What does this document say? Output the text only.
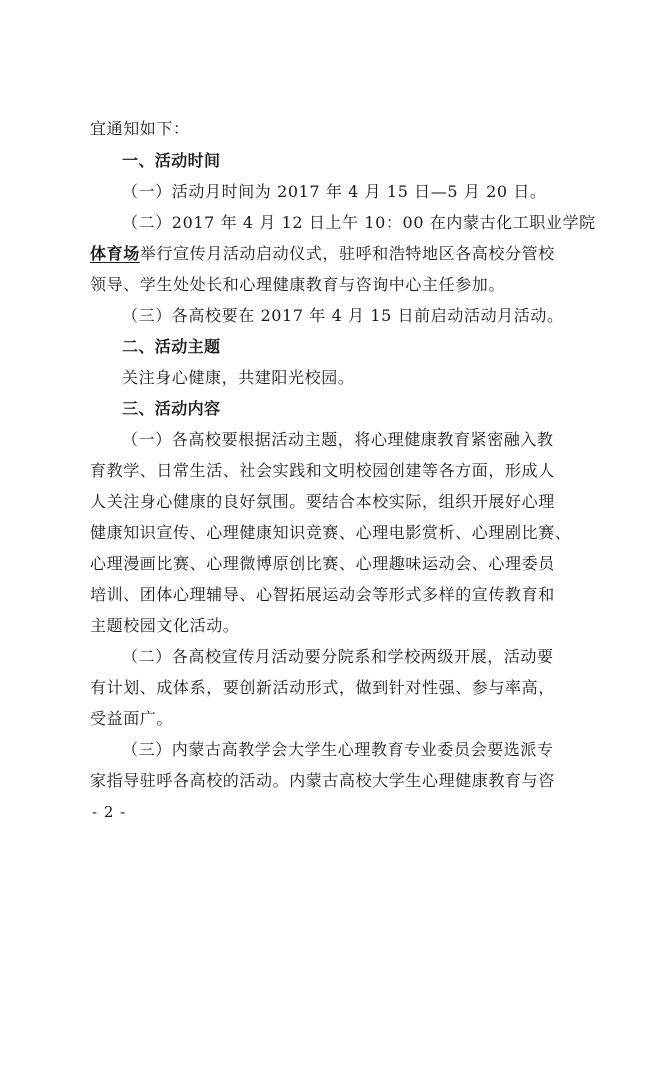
宜通知如下：
一、活动时间
（一）活动月时间为 2017 年 4 月 15 日—5 月 20 日。
（二）2017 年 4 月 12 日上午 10：00 在内蒙古化工职业学院
体育场举行宣传月活动启动仪式，驻呼和浩特地区各高校分管校
领导、学生处处长和心理健康教育与咨询中心主任参加。
（三）各高校要在 2017 年 4 月 15 日前启动活动月活动。
二、活动主题
关注身心健康，共建阳光校园。
三、活动内容
（一）各高校要根据活动主题，将心理健康教育紧密融入教
育教学、日常生活、社会实践和文明校园创建等各方面，形成人
人关注身心健康的良好氛围。要结合本校实际，组织开展好心理
健康知识宣传、心理健康知识竞赛、心理电影赏析、心理剧比赛、
心理漫画比赛、心理微博原创比赛、心理趣味运动会、心理委员
培训、团体心理辅导、心智拓展运动会等形式多样的宣传教育和
主题校园文化活动。
（二）各高校宣传月活动要分院系和学校两级开展，活动要
有计划、成体系，要创新活动形式，做到针对性强、参与率高，
受益面广。
（三）内蒙古高教学会大学生心理教育专业委员会要选派专
家指导驻呼各高校的活动。内蒙古高校大学生心理健康教育与咨
- 2 -
